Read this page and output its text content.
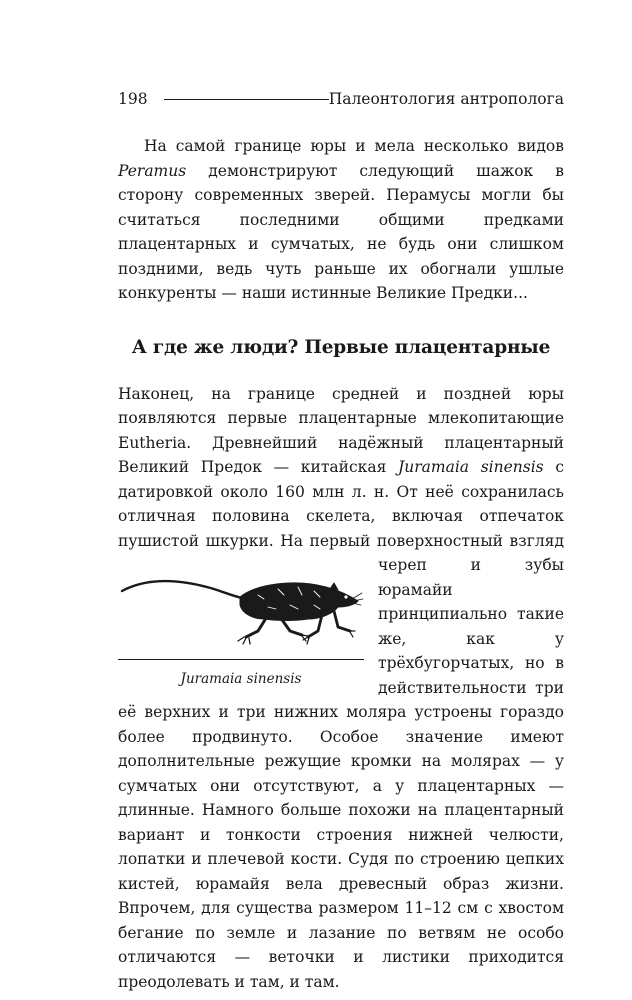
198	Палеонтология антрополога

На самой границе юры и мела несколько видов Peramus демонстрируют следующий шажок в сторону современных зверей. Перамусы могли бы считаться последними общими предками плацентарных и сумчатых, не будь они слишком поздними, ведь чуть раньше их обогнали ушлые конкуренты — наши истинные Великие Предки...

А где же люди? Первые плацентарные

Наконец, на границе средней и поздней юры появляются первые плацентарные млекопитающие Eutheria. Древнейший надёжный плацентарный Великий Предок — китайская Juramaia sinensis с датировкой около 160 млн л. н. От неё сохранилась отличная половина скелета, включая отпечаток пушистой шкурки. На первый поверхностный
Juramaia sinensis
взгляд череп и зубы юрамайи принципиально такие же, как у трёхбугорчатых, но в действительности три её верхних и три нижних моляра устроены гораздо более продвинуто. Особое значение имеют дополнительные режущие кромки на молярах — у сумчатых они отсутствуют, а у плацентарных — длинные. Намного больше похожи на плацентарный вариант и тонкости строения нижней челюсти, лопатки и плечевой кости. Судя по строению цепких кистей, юрамайя вела древесный образ жизни. Впрочем, для существа размером 11–12 см с хвостом бегание по земле и лазание по ветвям не особо отличаются — веточки и листики приходится преодолевать и там, и там.
